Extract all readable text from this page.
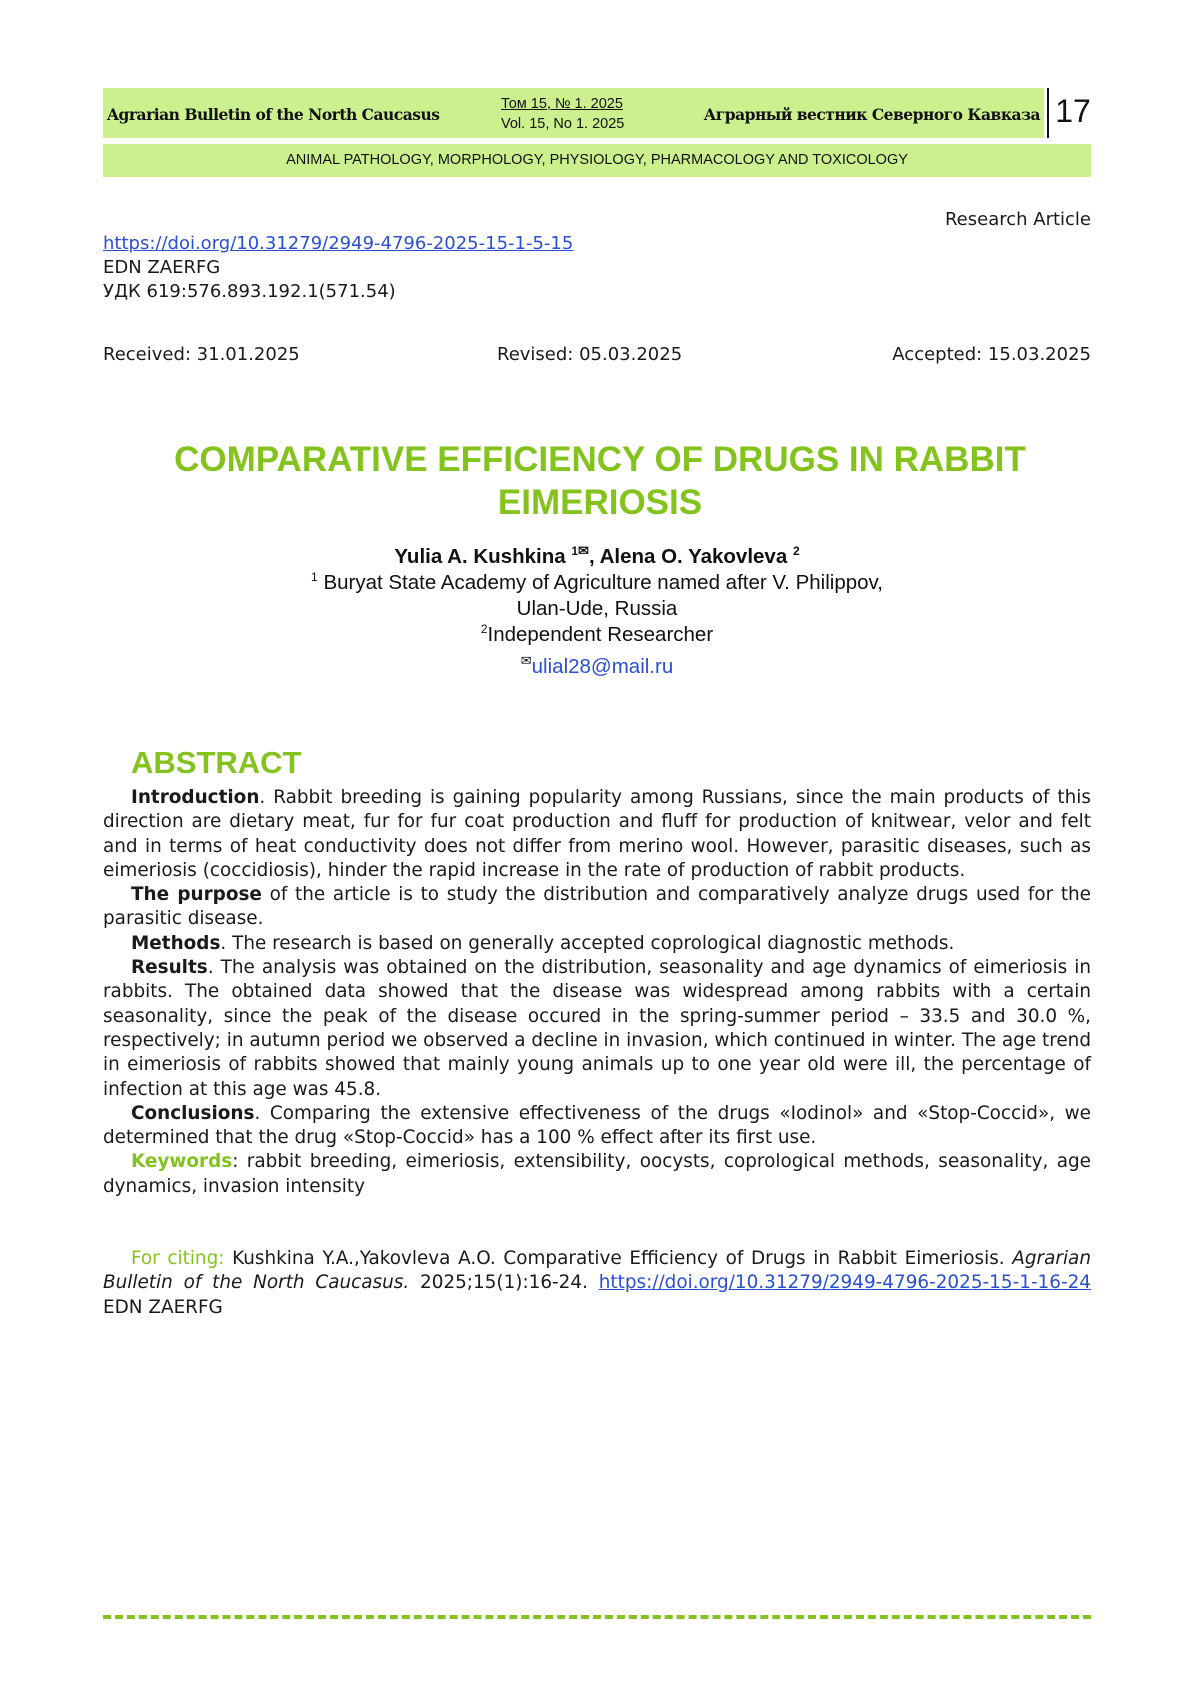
Agrarian Bulletin of the North Caucasus
Том 15, № 1. 2025
Vol. 15, No 1. 2025	Аграрный вестник Северного Кавказа 17
ANIMAL PATHOLOGY, MORPHOLOGY, PHYSIOLOGY, PHARMACOLOGY AND TOXICOLOGY
Research Article
https://doi.org/10.31279/2949-4796-2025-15-1-5-15
EDN ZAERFG
УДК 619:576.893.192.1(571.54)
Received: 31.01.2025	Revised: 05.03.2025	Accepted: 15.03.2025
COMPARATIVE EFFICIENCY OF DRUGS IN RABBIT
EIMERIOSIS
Yulia A. Kushkina $^{1✉}$, Alena O. Yakovleva $^2$
$^1$ Buryat State Academy of Agriculture named after V. Philippov,
Ulan-Ude, Russia
$^2$Independent Researcher
✉ulial28@mail.ru
ABSTRACT

Introduction. Rabbit breeding is gaining popularity among Russians, since the main products of this direction are dietary meat, fur for fur coat production and fluff for production of knitwear, velor and felt and in terms of heat conductivity does not differ from merino wool. However, parasitic diseases, such as eimeriosis (coccidiosis), hinder the rapid increase in the rate of production of rabbit products.

The purpose of the article is to study the distribution and comparatively analyze drugs used for the parasitic disease.

Methods. The research is based on generally accepted coprological diagnostic methods.

Results. The analysis was obtained on the distribution, seasonality and age dynamics of eimeriosis in rabbits. The obtained data showed that the disease was widespread among rabbits with a certain seasonality, since the peak of the disease occured in the spring-summer period – 33.5 and 30.0 %, respectively; in autumn period we observed a decline in invasion, which continued in winter. The age trend in eimeriosis of rabbits showed that mainly young animals up to one year old were ill, the percentage of infection at this age was 45.8.

Conclusions. Comparing the extensive effectiveness of the drugs «Iodinol» and «Stop-Coccid», we determined that the drug «Stop-Coccid» has a 100 % effect after its first use.

Keywords: rabbit breeding, eimeriosis, extensibility, oocysts, coprological methods, seasonality, age dynamics, invasion intensity

For citing: Kushkina Y.A.,Yakovleva A.O. Comparative Efficiency of Drugs in Rabbit Eimeriosis. Agrarian Bulletin of the North Caucasus. 2025;15(1):16-24. https://doi.org/10.31279/2949-4796-2025-15-1-16-24 EDN ZAERFG
